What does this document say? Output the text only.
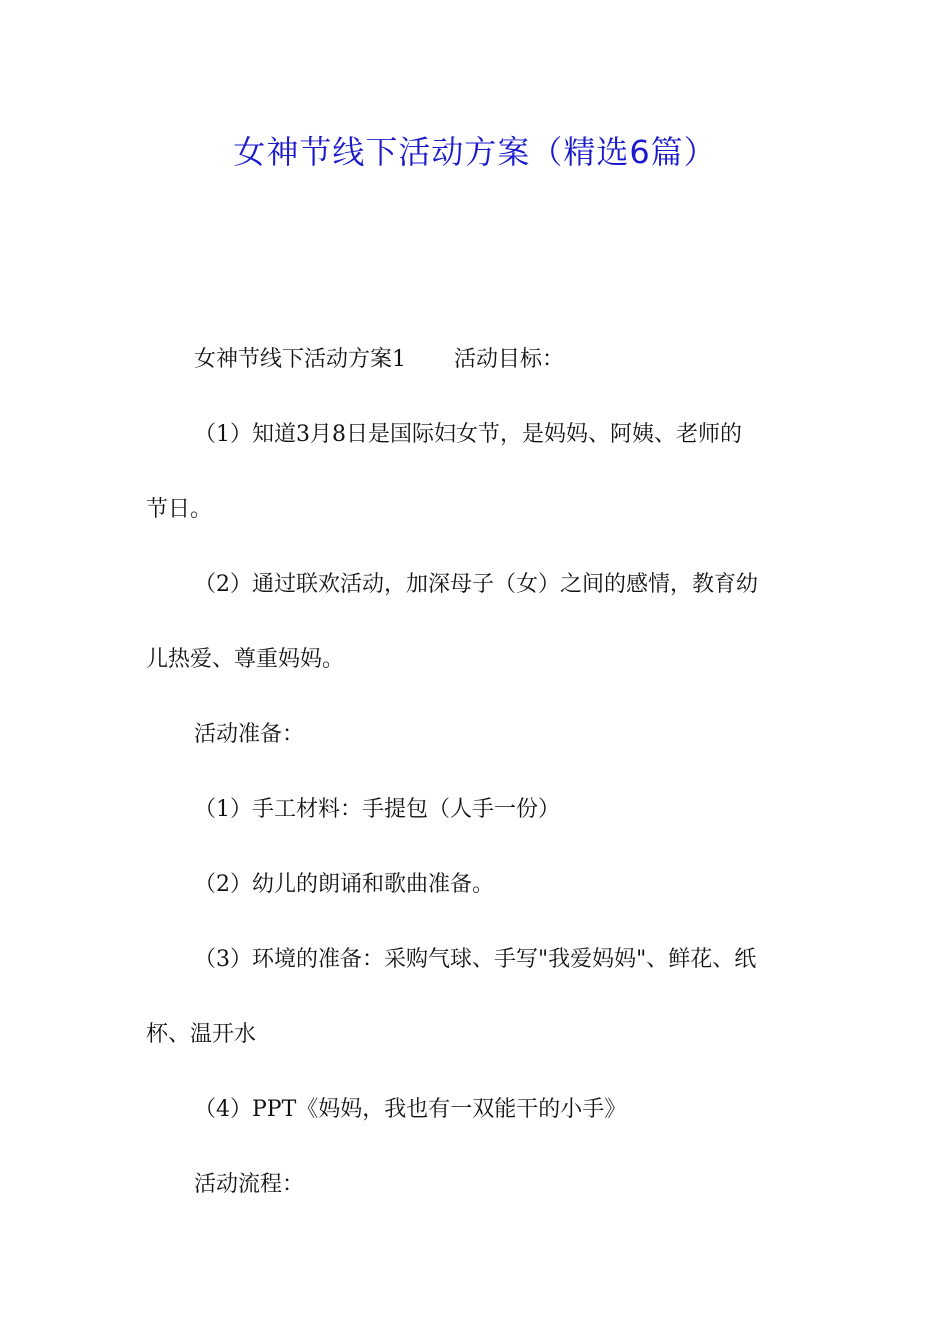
女神节线下活动方案（精选6篇）

女神节线下活动方案1 活动目标：

（1）知道3月8日是国际妇女节，是妈妈、阿姨、老师的

节日。

（2）通过联欢活动，加深母子（女）之间的感情，教育幼

儿热爱、尊重妈妈。

活动准备：

（1）手工材料：手提包（人手一份）

（2）幼儿的朗诵和歌曲准备。

（3）环境的准备：采购气球、手写"我爱妈妈"、鲜花、纸

杯、温开水

（4）PPT《妈妈，我也有一双能干的小手》

活动流程：
